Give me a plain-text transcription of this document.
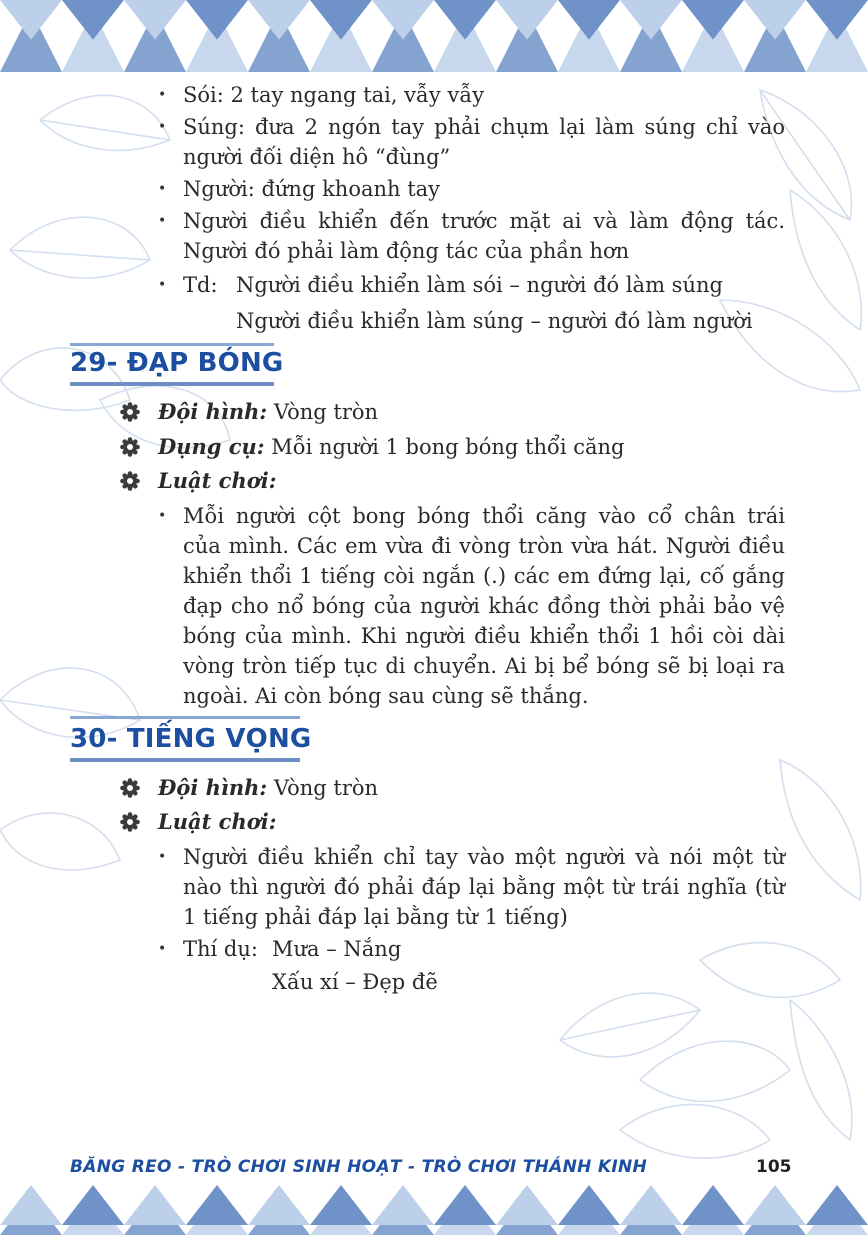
• Sói: 2 tay ngang tai, vẫy vẫy
• Súng: đưa 2 ngón tay phải chụm lại làm súng chỉ vào
người đối diện hô “đùng”
• Người: đứng khoanh tay
• Người điều khiển đến trước mặt ai và làm động tác.
Người đó phải làm động tác của phần hơn
• Td: Người điều khiển làm sói – người đó làm súng
Người điều khiển làm súng – người đó làm người
29- ĐẠP BÓNG
Đội hình: Vòng tròn
Dụng cụ: Mỗi người 1 bong bóng thổi căng
Luật chơi:
• Mỗi người cột bong bóng thổi căng vào cổ chân trái
của mình. Các em vừa đi vòng tròn vừa hát. Người điều
khiển thổi 1 tiếng còi ngắn (.) các em đứng lại, cố gắng
đạp cho nổ bóng của người khác đồng thời phải bảo vệ
bóng của mình. Khi người điều khiển thổi 1 hồi còi dài
vòng tròn tiếp tục di chuyển. Ai bị bể bóng sẽ bị loại ra
ngoài. Ai còn bóng sau cùng sẽ thắng.
30- TIẾNG VỌNG
Đội hình: Vòng tròn
Luật chơi:
• Người điều khiển chỉ tay vào một người và nói một từ
nào thì người đó phải đáp lại bằng một từ trái nghĩa (từ
1 tiếng phải đáp lại bằng từ 1 tiếng)
• Thí dụ: Mưa – Nắng
Xấu xí – Đẹp đẽ
BĂNG REO - TRÒ CHƠI SINH HOẠT - TRÒ CHƠI THÁNH KINH	105
